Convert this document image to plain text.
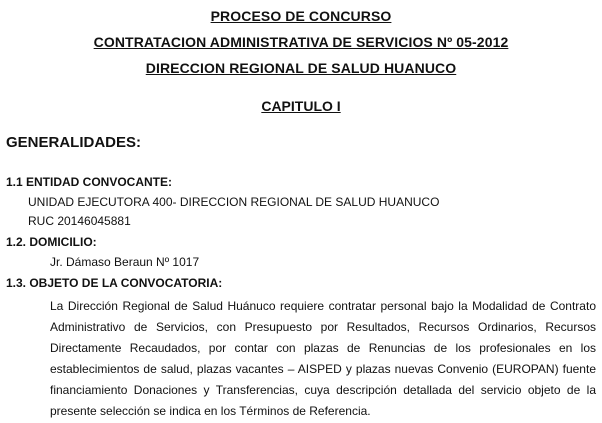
PROCESO DE CONCURSO
CONTRATACION ADMINISTRATIVA DE SERVICIOS Nº 05-2012
DIRECCION REGIONAL DE SALUD HUANUCO
CAPITULO I
GENERALIDADES:
1.1 ENTIDAD CONVOCANTE:
UNIDAD EJECUTORA 400- DIRECCION REGIONAL DE SALUD HUANUCO
RUC 20146045881
1.2. DOMICILIO:
Jr. Dámaso Beraun Nº 1017
1.3. OBJETO DE LA CONVOCATORIA:
La Dirección Regional de Salud Huánuco requiere contratar personal bajo la Modalidad de Contrato Administrativo de Servicios, con Presupuesto por Resultados, Recursos Ordinarios, Recursos Directamente Recaudados, por contar con plazas de Renuncias de los profesionales en los establecimientos de salud, plazas vacantes – AISPED y plazas nuevas Convenio (EUROPAN) fuente financiamiento Donaciones y Transferencias, cuya descripción detallada del servicio objeto de la presente selección se indica en los Términos de Referencia.
